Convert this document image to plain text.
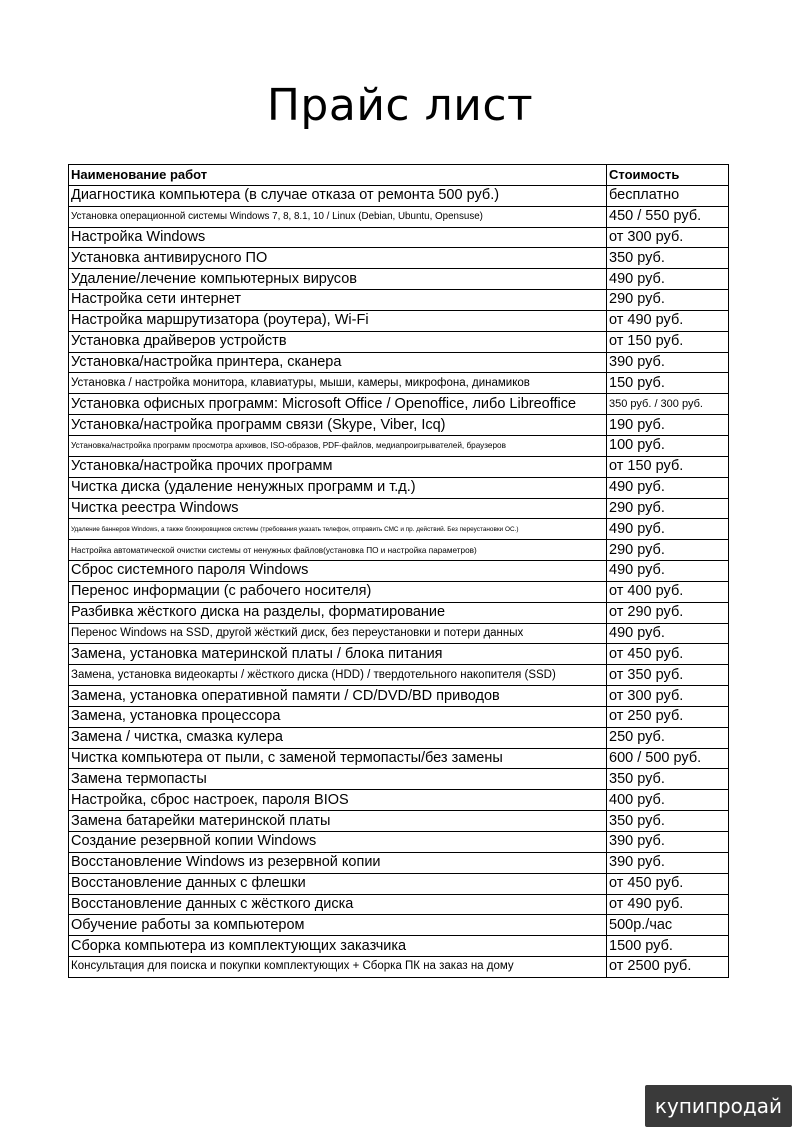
Прайс лист
Наименование работ	Стоимость
Диагностика компьютера (в случае отказа от ремонта 500 руб.)	бесплатно
Установка операционной системы Windows 7, 8, 8.1, 10 / Linux (Debian, Ubuntu, Opensuse)	450 / 550 руб.
Настройка Windows	от 300 руб.
Установка антивирусного ПО	350 руб.
Удаление/лечение компьютерных вирусов	490 руб.
Настройка сети интернет	290 руб.
Настройка маршрутизатора (роутера), Wi-Fi	от 490 руб.
Установка драйверов устройств	от 150 руб.
Установка/настройка принтера, сканера	390 руб.
Установка / настройка монитора, клавиатуры, мыши, камеры, микрофона, динамиков	150 руб.
Установка офисных программ: Microsoft Office / Openoffice, либо Libreoffice	350 руб. / 300 руб.
Установка/настройка программ связи (Skype, Viber, Icq)	190 руб.
Установка/настройка программ просмотра архивов, ISO-образов, PDF-файлов, медиапроигрывателей, браузеров	100 руб.
Установка/настройка прочих программ	от 150 руб.
Чистка диска (удаление ненужных программ и т.д.)	490 руб.
Чистка реестра Windows	290 руб.
Удаление баннеров Windows, а также блокировщиков системы (требования указать телефон, отправить СМС и пр. действий. Без переустановки ОС.)	490 руб.
Настройка автоматической очистки системы от ненужных файлов(установка ПО и настройка параметров)	290 руб.
Сброс системного пароля Windows	490 руб.
Перенос информации (с рабочего носителя)	от 400 руб.
Разбивка жёсткого диска на разделы, форматирование	от 290 руб.
Перенос Windows на SSD, другой жёсткий диск, без переустановки и потери данных	490 руб.
Замена, установка материнской платы / блока питания	от 450 руб.
Замена, установка видеокарты / жёсткого диска (HDD) / твердотельного накопителя (SSD)	от 350 руб.
Замена, установка оперативной памяти / CD/DVD/BD приводов	от 300 руб.
Замена, установка процессора	от 250 руб.
Замена / чистка, смазка кулера	250 руб.
Чистка компьютера от пыли, с заменой термопасты/без замены	600 / 500 руб.
Замена термопасты	350 руб.
Настройка, сброс настроек, пароля BIOS	400 руб.
Замена батарейки материнской платы	350 руб.
Создание резервной копии Windows	390 руб.
Восстановление Windows из резервной копии	390 руб.
Восстановление данных с флешки	от 450 руб.
Восстановление данных с жёсткого диска	от 490 руб.
Обучение работы за компьютером	500р./час
Сборка компьютера из комплектующих заказчика	1500 руб.
Консультация для поиска и покупки комплектующих + Сборка ПК на заказ на дому	от 2500 руб.
купипродай
